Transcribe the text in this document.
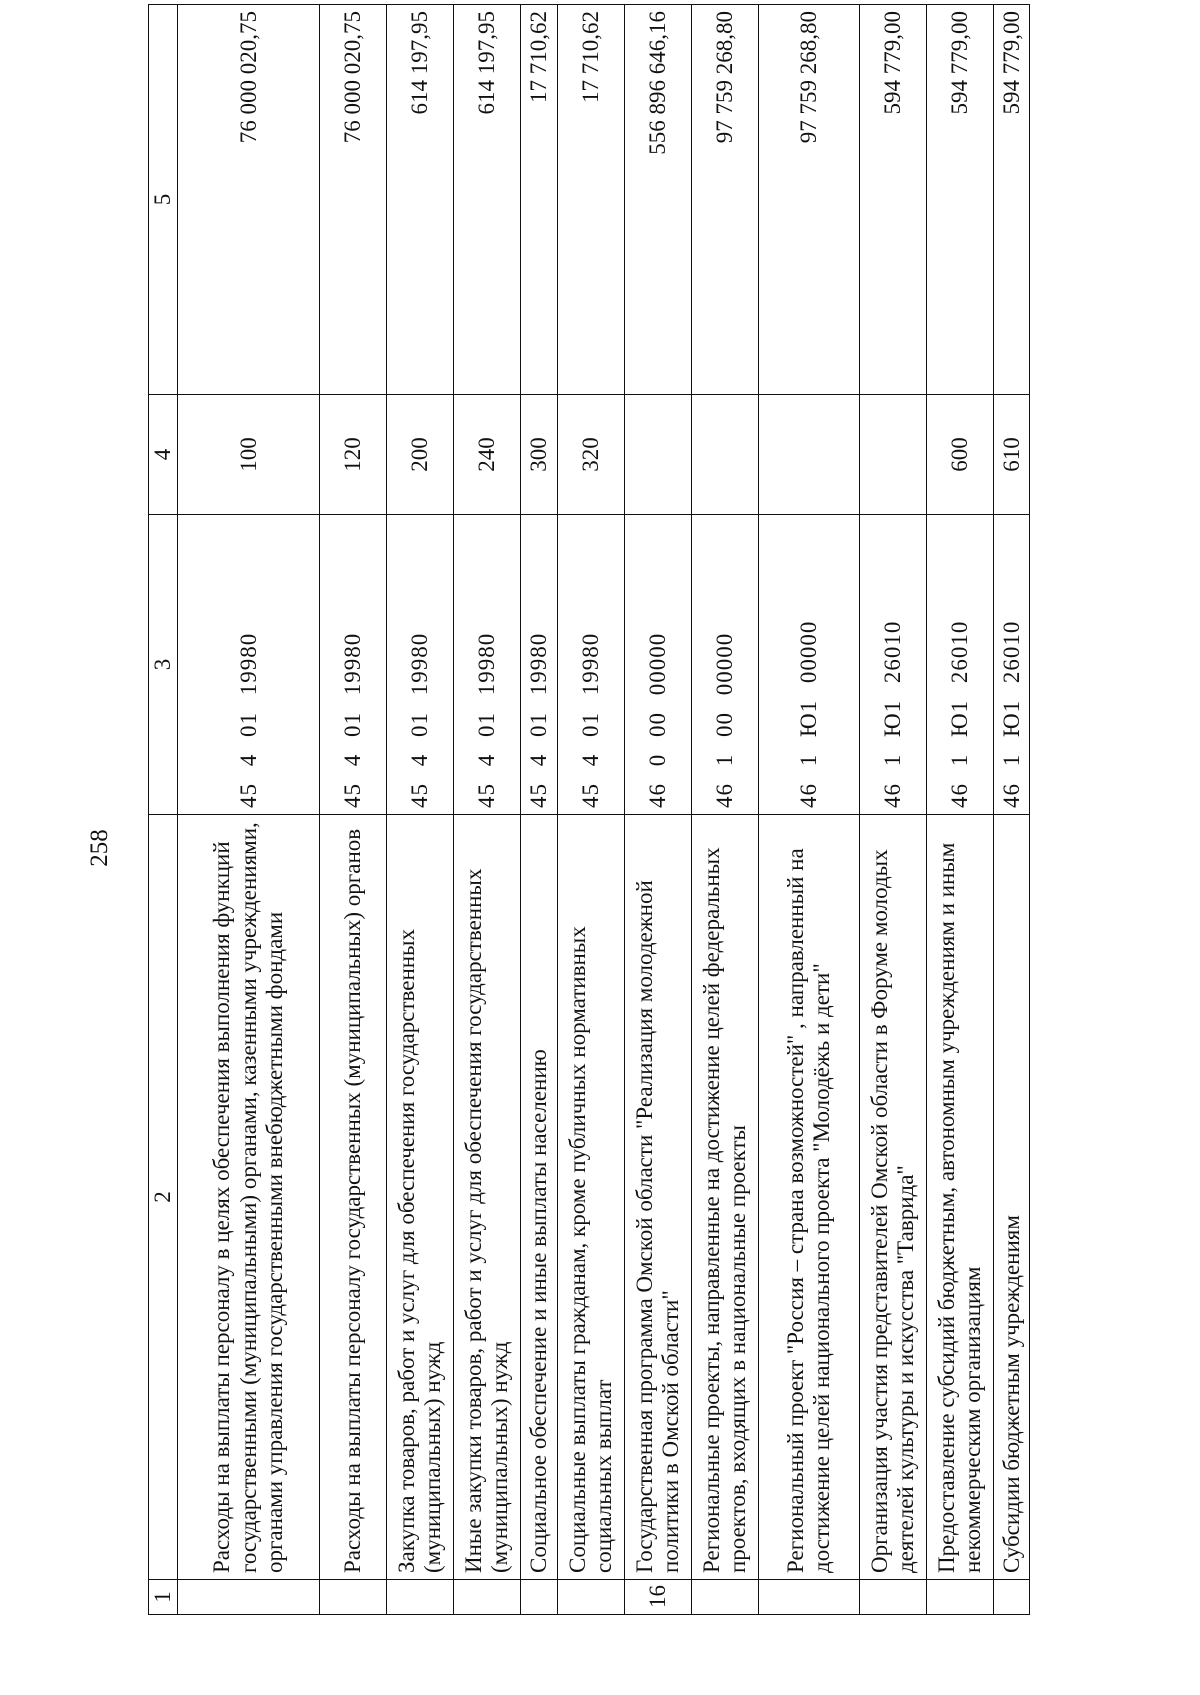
258
1	2	3	4	5
	Расходы на выплаты персоналу в целях обеспечения выполнения функций государственными (муниципальными) органами, казенными учреждениями, органами управления государственными внебюджетными фондами	45 4 01 19980	100	76 000 020,75
	Расходы на выплаты персоналу государственных (муниципальных) органов	45 4 01 19980	120	76 000 020,75
	Закупка товаров, работ и услуг для обеспечения государственных (муниципальных) нужд	45 4 01 19980	200	614 197,95
	Иные закупки товаров, работ и услуг для обеспечения государственных (муниципальных) нужд	45 4 01 19980	240	614 197,95
	Социальное обеспечение и иные выплаты населению	45 4 01 19980	300	17 710,62
	Социальные выплаты гражданам, кроме публичных нормативных социальных выплат	45 4 01 19980	320	17 710,62
16	Государственная программа Омской области "Реализация молодежной политики в Омской области"	46 0 00 00000		556 896 646,16
	Региональные проекты, направленные на достижение целей федеральных проектов, входящих в национальные проекты	46 1 00 00000		97 759 268,80
	Региональный проект "Россия – страна возможностей" , направленный на достижение целей национального проекта "Молодёжь и дети"	46 1 Ю1 00000		97 759 268,80
	Организация участия представителей Омской области в Форуме молодых деятелей культуры и искусства "Таврида"	46 1 Ю1 26010		594 779,00
	Предоставление субсидий бюджетным, автономным учреждениям и иным некоммерческим организациям	46 1 Ю1 26010	600	594 779,00
	Субсидии бюджетным учреждениям	46 1 Ю1 26010	610	594 779,00
